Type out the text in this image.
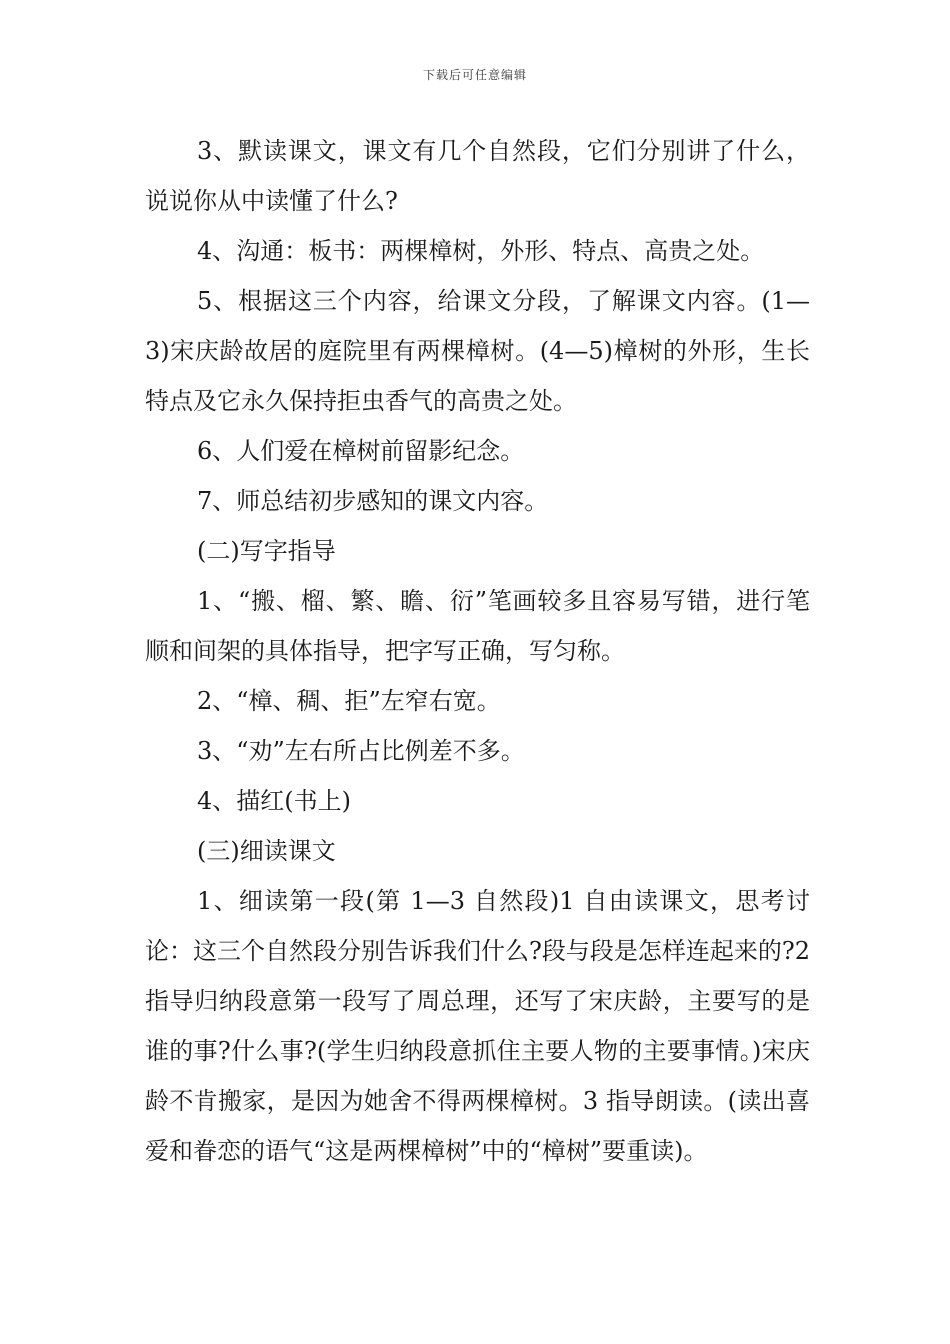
下载后可任意编辑

3、默读课文，课文有几个自然段，它们分别讲了什么，说说你从中读懂了什么?

4、沟通：板书：两棵樟树，外形、特点、高贵之处。

5、根据这三个内容，给课文分段，了解课文内容。(1—3)宋庆龄故居的庭院里有两棵樟树。(4—5)樟树的外形，生长特点及它永久保持拒虫香气的高贵之处。

6、人们爱在樟树前留影纪念。

7、师总结初步感知的课文内容。

(二)写字指导

1、“搬、榴、繁、瞻、衍”笔画较多且容易写错，进行笔顺和间架的具体指导，把字写正确，写匀称。

2、“樟、稠、拒”左窄右宽。

3、“劝”左右所占比例差不多。

4、描红(书上)

(三)细读课文

1、细读第一段(第 1—3 自然段)1 自由读课文，思考讨论：这三个自然段分别告诉我们什么?段与段是怎样连起来的?2 指导归纳段意第一段写了周总理，还写了宋庆龄，主要写的是谁的事?什么事?(学生归纳段意抓住主要人物的主要事情。)宋庆龄不肯搬家，是因为她舍不得两棵樟树。3 指导朗读。(读出喜爱和眷恋的语气“这是两棵樟树”中的“樟树”要重读)。
